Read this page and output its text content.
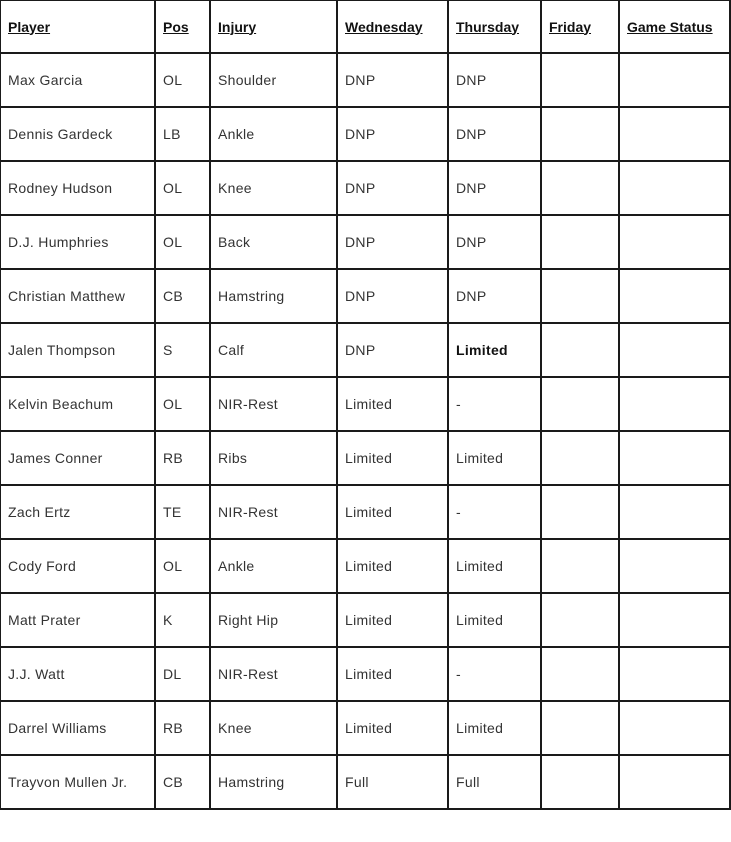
Player	Pos	Injury	Wednesday	Thursday	Friday	Game Status
Max Garcia	OL	Shoulder	DNP	DNP		
Dennis Gardeck	LB	Ankle	DNP	DNP		
Rodney Hudson	OL	Knee	DNP	DNP		
D.J. Humphries	OL	Back	DNP	DNP		
Christian Matthew	CB	Hamstring	DNP	DNP		
Jalen Thompson	S	Calf	DNP	Limited		
Kelvin Beachum	OL	NIR-Rest	Limited	-		
James Conner	RB	Ribs	Limited	Limited		
Zach Ertz	TE	NIR-Rest	Limited	-		
Cody Ford	OL	Ankle	Limited	Limited		
Matt Prater	K	Right Hip	Limited	Limited		
J.J. Watt	DL	NIR-Rest	Limited	-		
Darrel Williams	RB	Knee	Limited	Limited		
Trayvon Mullen Jr.	CB	Hamstring	Full	Full		
